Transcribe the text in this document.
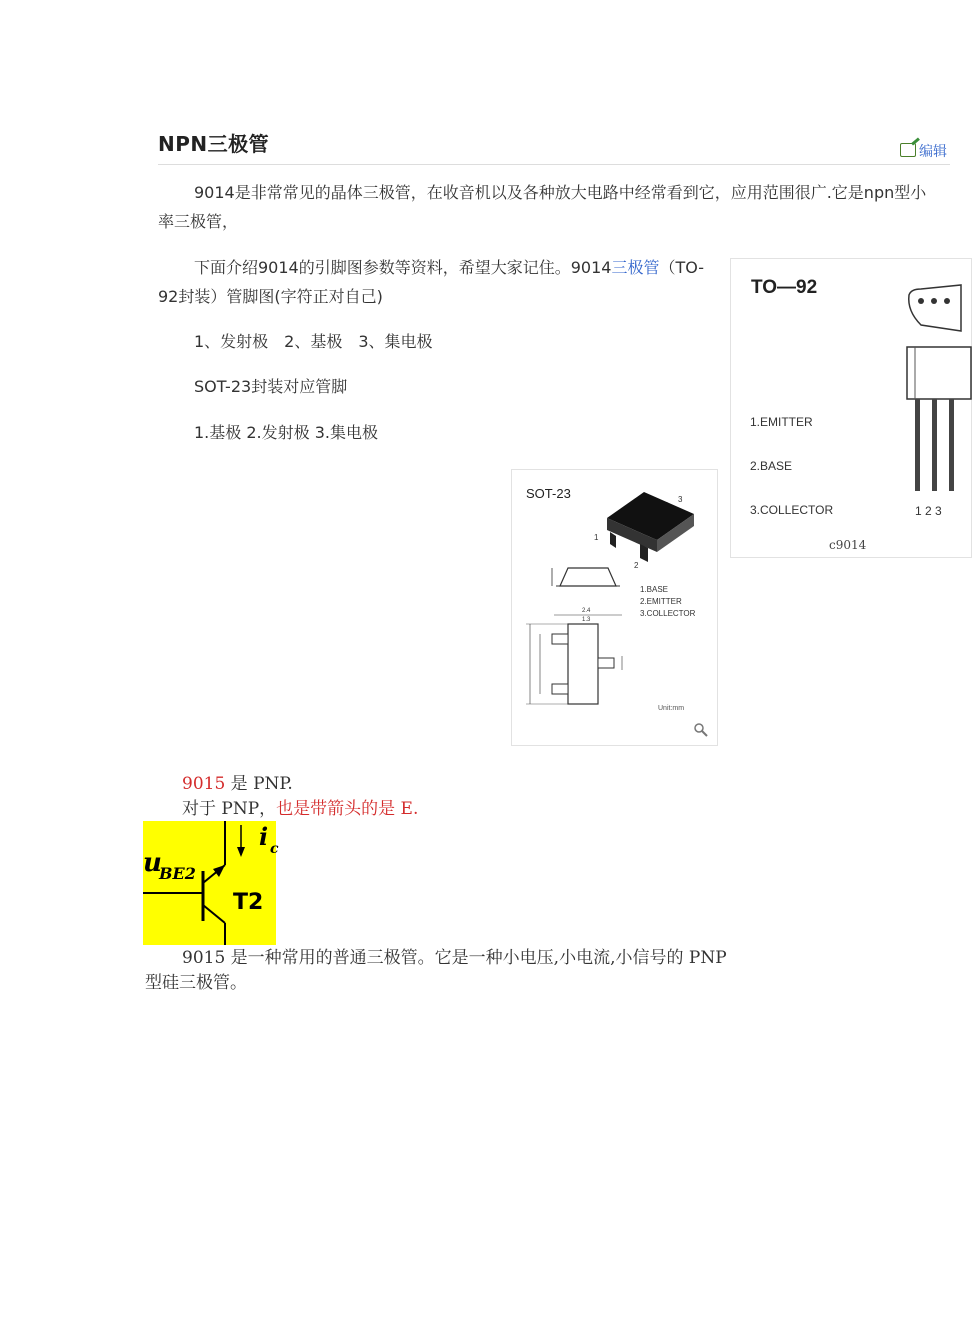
NPN三极管	编辑
9014是非常常见的晶体三极管，在收音机以及各种放大电路中经常看到它，应用范围很广.它是npn型小
率三极管，
下面介绍9014的引脚图参数等资料，希望大家记住。9014三极管（TO-
92封装）管脚图(字符正对自己)
1、发射极　2、基极　3、集电极
SOT-23封装对应管脚
1.基极 2.发射极 3.集电极
TO—92
1.EMITTER
2.BASE
3.COLLECTOR	1 2 3
c9014
SOT-23
1
2
3
1.BASE
2.EMITTER
3.COLLECTOR
2.4
1.3
Unit:mm
9015 是 PNP.
对于 PNP，也是带箭头的是 E.
u
BE2
i c
T2
9015 是一种常用的普通三极管。它是一种小电压,小电流,小信号的 PNP
型硅三极管。
